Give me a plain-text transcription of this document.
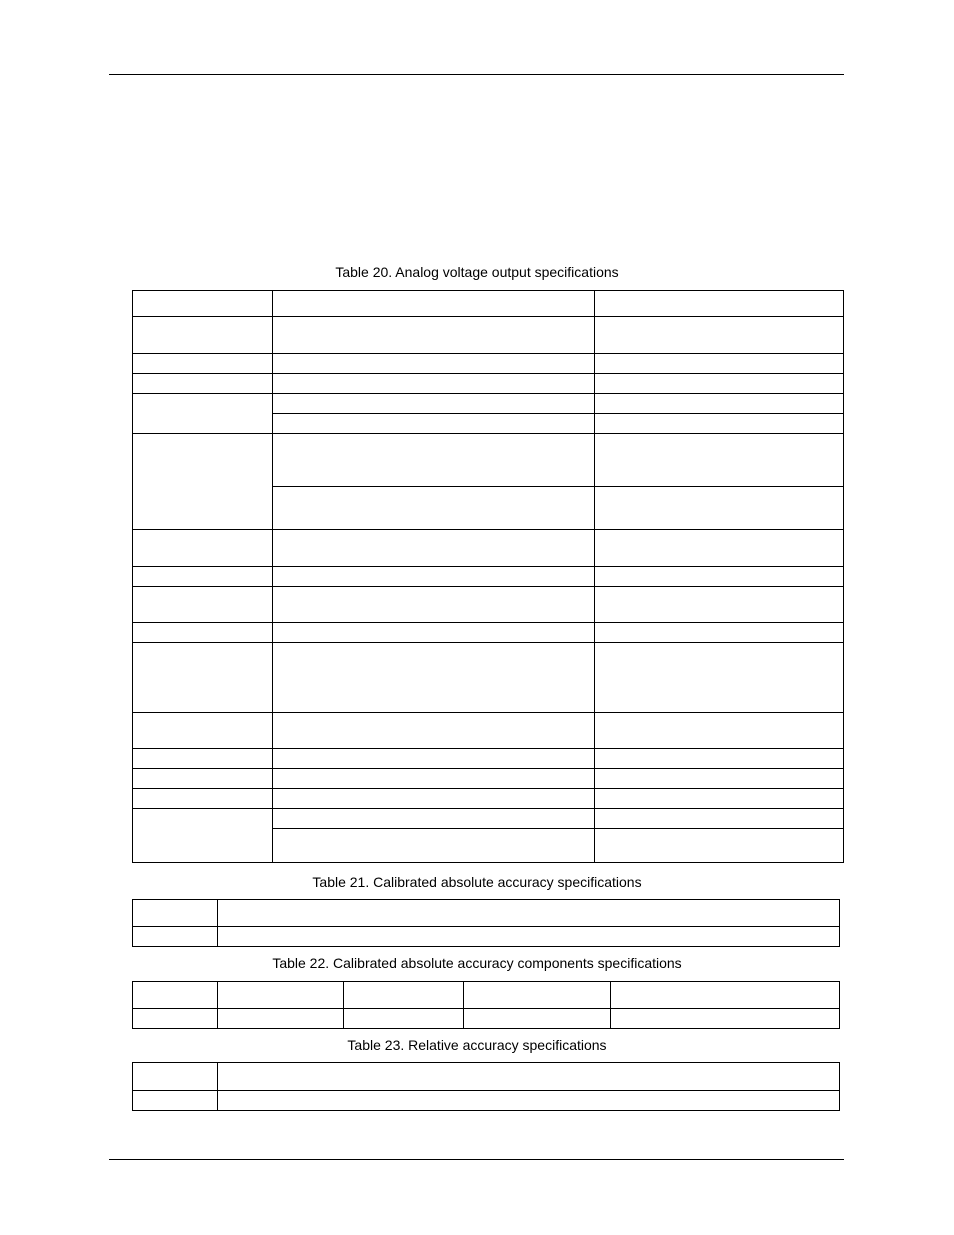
Table 20. Analog voltage output specifications

Table 21. Calibrated absolute accuracy specifications

Table 22. Calibrated absolute accuracy components specifications

Table 23. Relative accuracy specifications
